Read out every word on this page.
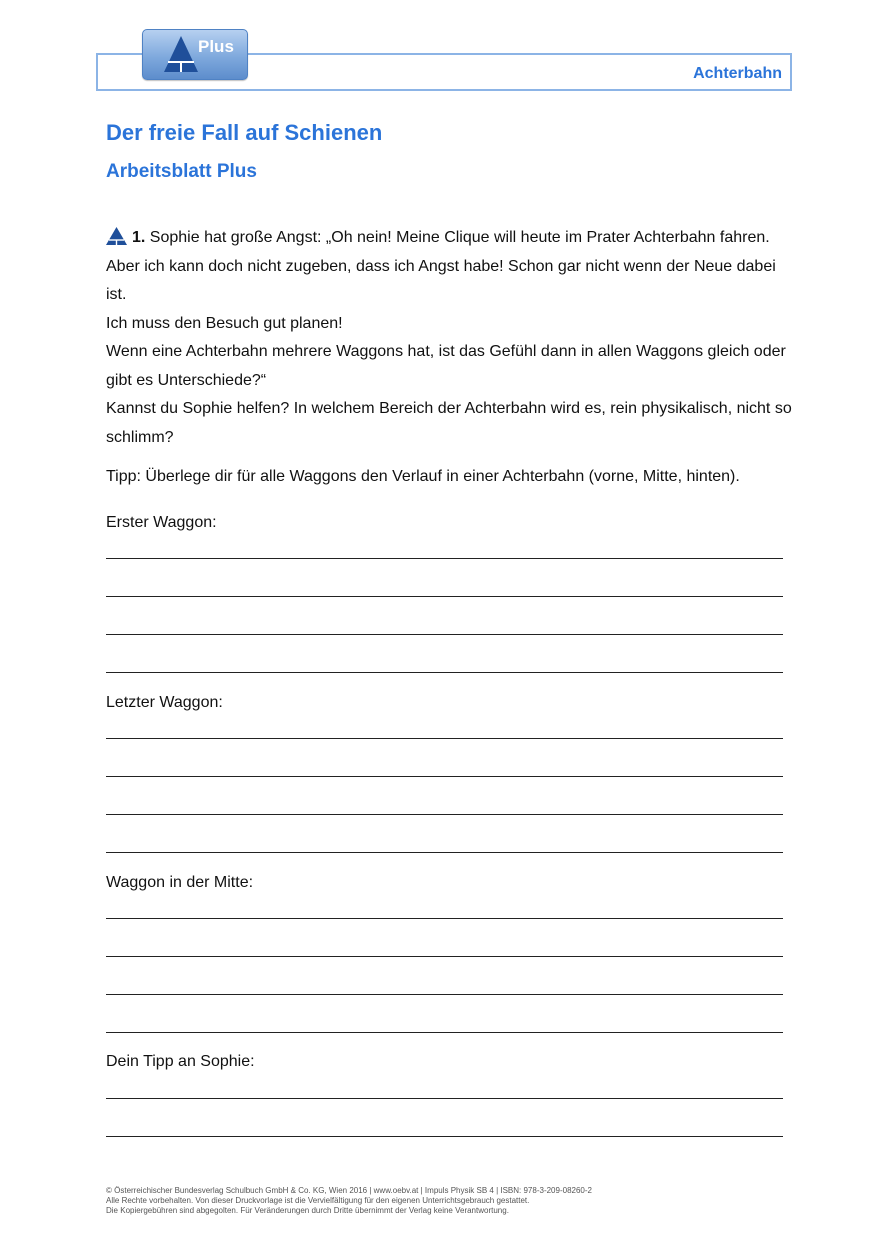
Achterbahn
Plus
Der freie Fall auf Schienen
Arbeitsblatt Plus
1. Sophie hat große Angst: „Oh nein! Meine Clique will heute im Prater Achterbahn fahren. Aber ich kann doch nicht zugeben, dass ich Angst habe! Schon gar nicht wenn der Neue dabei ist.
Ich muss den Besuch gut planen!
Wenn eine Achterbahn mehrere Waggons hat, ist das Gefühl dann in allen Waggons gleich oder gibt es Unterschiede?“
Kannst du Sophie helfen? In welchem Bereich der Achterbahn wird es, rein physikalisch, nicht so schlimm?
Tipp: Überlege dir für alle Waggons den Verlauf in einer Achterbahn (vorne, Mitte, hinten).
Erster Waggon:
Letzter Waggon:
Waggon in der Mitte:
Dein Tipp an Sophie:
© Österreichischer Bundesverlag Schulbuch GmbH & Co. KG, Wien 2016 | www.oebv.at | Impuls Physik SB 4 | ISBN: 978-3-209-08260-2
Alle Rechte vorbehalten. Von dieser Druckvorlage ist die Vervielfältigung für den eigenen Unterrichtsgebrauch gestattet.
Die Kopiergebühren sind abgegolten. Für Veränderungen durch Dritte übernimmt der Verlag keine Verantwortung.
